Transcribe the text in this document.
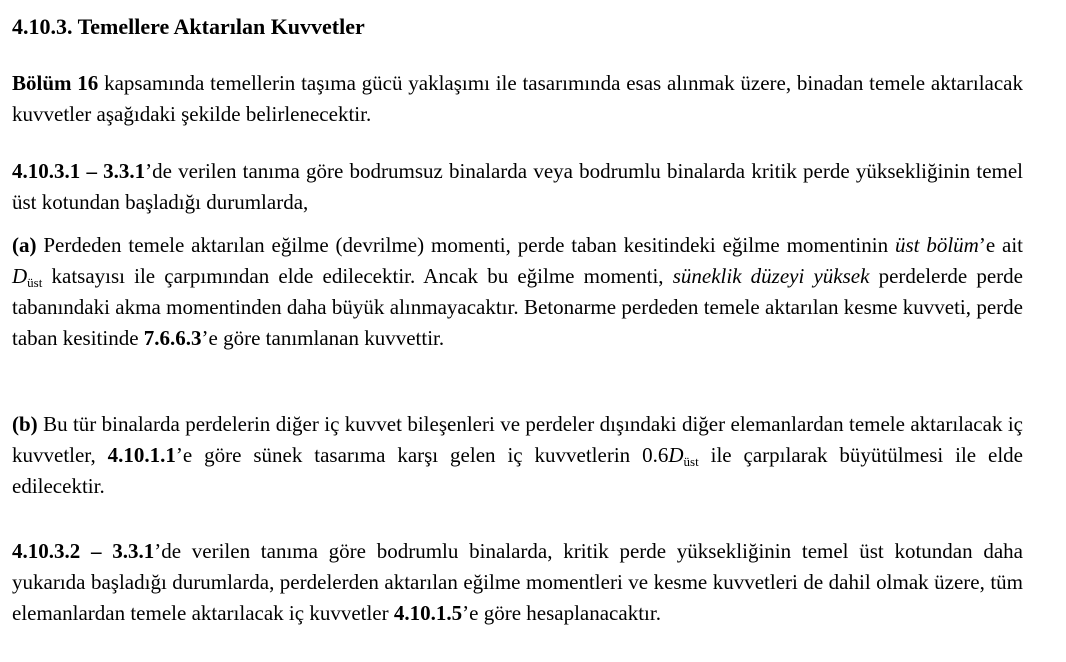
4.10.3. Temellere Aktarılan Kuvvetler

Bölüm 16 kapsamında temellerin taşıma gücü yaklaşımı ile tasarımında esas alınmak üzere, binadan temele aktarılacak kuvvetler aşağıdaki şekilde belirlenecektir.

4.10.3.1 – 3.3.1’de verilen tanıma göre bodrumsuz binalarda veya bodrumlu binalarda kritik perde yüksekliğinin temel üst kotundan başladığı durumlarda,

(a) Perdeden temele aktarılan eğilme (devrilme) momenti, perde taban kesitindeki eğilme momentinin üst bölüm’e ait $D_{üst}$ katsayısı ile çarpımından elde edilecektir. Ancak bu eğilme momenti, süneklik düzeyi yüksek perdelerde perde tabanındaki akma momentinden daha büyük alınmayacaktır. Betonarme perdeden temele aktarılan kesme kuvveti, perde taban kesitinde 7.6.6.3’e göre tanımlanan kuvvettir.

(b) Bu tür binalarda perdelerin diğer iç kuvvet bileşenleri ve perdeler dışındaki diğer elemanlardan temele aktarılacak iç kuvvetler, 4.10.1.1’e göre sünek tasarıma karşı gelen iç kuvvetlerin $0.6D_{üst}$ ile çarpılarak büyütülmesi ile elde edilecektir.

4.10.3.2 – 3.3.1’de verilen tanıma göre bodrumlu binalarda, kritik perde yüksekliğinin temel üst kotundan daha yukarıda başladığı durumlarda, perdelerden aktarılan eğilme momentleri ve kesme kuvvetleri de dahil olmak üzere, tüm elemanlardan temele aktarılacak iç kuvvetler 4.10.1.5’e göre hesaplanacaktır.
